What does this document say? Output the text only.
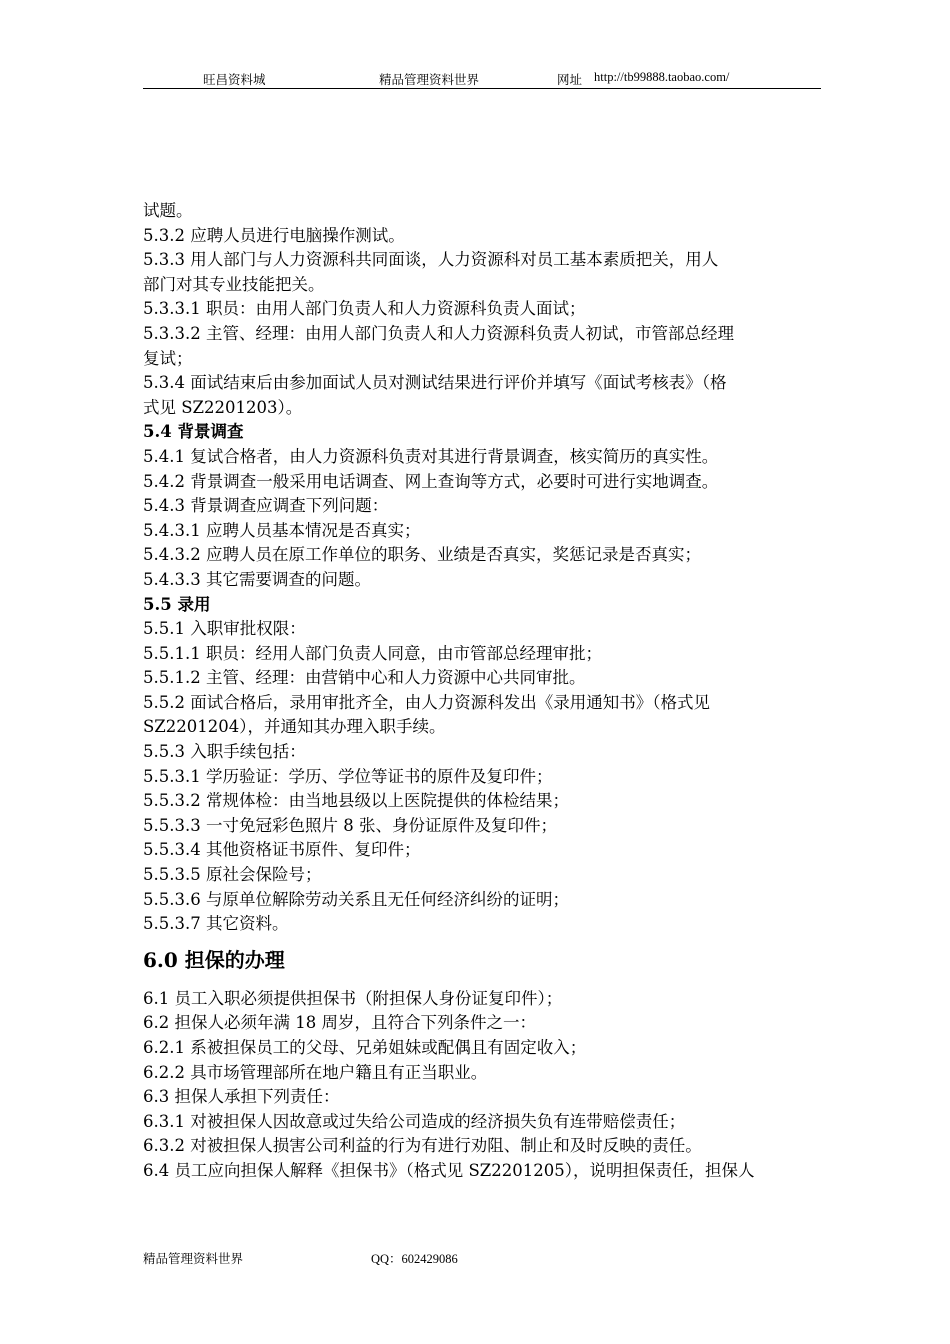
旺昌资料城	精品管理资料世界	网址 http://tb99888.taobao.com/
试题。
5.3.2 应聘人员进行电脑操作测试。
5.3.3 用人部门与人力资源科共同面谈，人力资源科对员工基本素质把关，用人
部门对其专业技能把关。
5.3.3.1 职员：由用人部门负责人和人力资源科负责人面试；
5.3.3.2 主管、经理：由用人部门负责人和人力资源科负责人初试，市管部总经理
复试；
5.3.4 面试结束后由参加面试人员对测试结果进行评价并填写《面试考核表》（格
式见 SZ2201203）。
5.4 背景调查
5.4.1 复试合格者，由人力资源科负责对其进行背景调查，核实简历的真实性。
5.4.2 背景调查一般采用电话调查、网上查询等方式，必要时可进行实地调查。
5.4.3 背景调查应调查下列问题：
5.4.3.1 应聘人员基本情况是否真实；
5.4.3.2 应聘人员在原工作单位的职务、业绩是否真实，奖惩记录是否真实；
5.4.3.3 其它需要调查的问题。
5.5 录用
5.5.1 入职审批权限：
5.5.1.1 职员：经用人部门负责人同意，由市管部总经理审批；
5.5.1.2 主管、经理：由营销中心和人力资源中心共同审批。
5.5.2 面试合格后，录用审批齐全，由人力资源科发出《录用通知书》（格式见
SZ2201204），并通知其办理入职手续。
5.5.3 入职手续包括：
5.5.3.1 学历验证：学历、学位等证书的原件及复印件；
5.5.3.2 常规体检：由当地县级以上医院提供的体检结果；
5.5.3.3 一寸免冠彩色照片 8 张、身份证原件及复印件；
5.5.3.4 其他资格证书原件、复印件；
5.5.3.5 原社会保险号；
5.5.3.6 与原单位解除劳动关系且无任何经济纠纷的证明；
5.5.3.7 其它资料。
6.0 担保的办理
6.1 员工入职必须提供担保书（附担保人身份证复印件）；
6.2 担保人必须年满 18 周岁，且符合下列条件之一：
6.2.1 系被担保员工的父母、兄弟姐妹或配偶且有固定收入；
6.2.2 具市场管理部所在地户籍且有正当职业。
6.3 担保人承担下列责任：
6.3.1 对被担保人因故意或过失给公司造成的经济损失负有连带赔偿责任；
6.3.2 对被担保人损害公司利益的行为有进行劝阻、制止和及时反映的责任。
6.4 员工应向担保人解释《担保书》（格式见 SZ2201205），说明担保责任，担保人
精品管理资料世界	QQ：602429086
